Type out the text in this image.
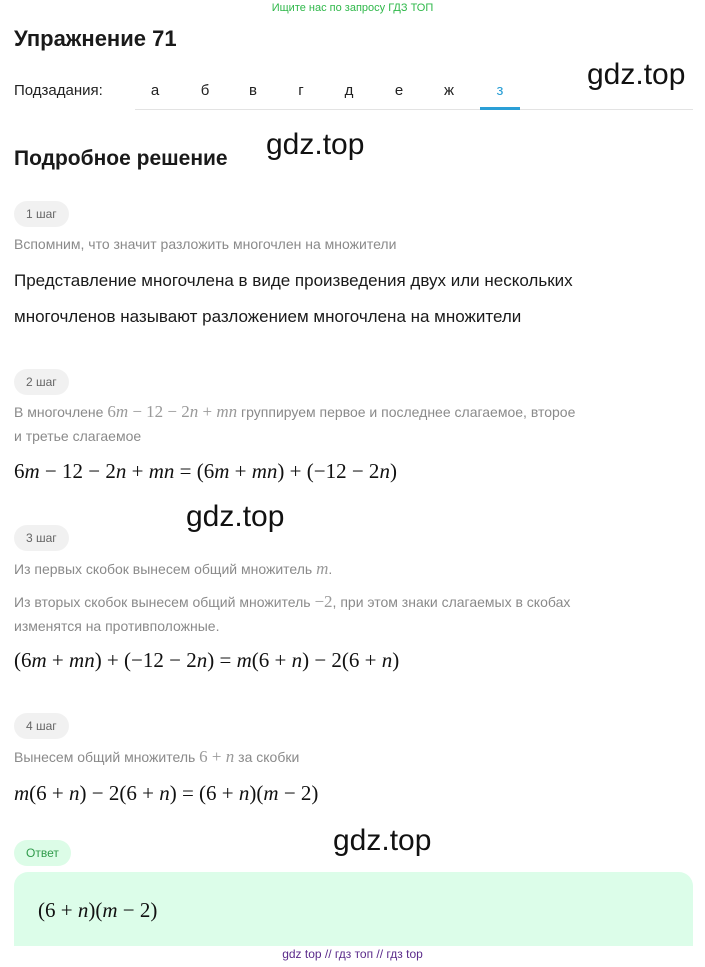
Ищите нас по запросу ГДЗ ТОП
Упражнение 71
Подзадания:	а	б	в	г	д	е	ж	з	gdz.top
gdz.top
gdz.top
gdz.top
Подробное решение
1 шаг
Вспомним, что значит разложить многочлен на множители
Представление многочлена в виде произведения двух или нескольких
многочленов называют разложением многочлена на множители
2 шаг
В многочлене 6m − 12 − 2n + mn группируем первое и последнее слагаемое, второе
и третье слагаемое
6m − 12 − 2n + mn = (6m + mn) + (−12 − 2n)
3 шаг
Из первых скобок вынесем общий множитель m.
Из вторых скобок вынесем общий множитель −2, при этом знаки слагаемых в скобах
изменятся на противположные.
(6m + mn) + (−12 − 2n) = m(6 + n) − 2(6 + n)
4 шаг
Вынесем общий множитель 6 + n за скобки
m(6 + n) − 2(6 + n) = (6 + n)(m − 2)
Ответ
(6 + n)(m − 2)
gdz top // гдз топ // гдз top
